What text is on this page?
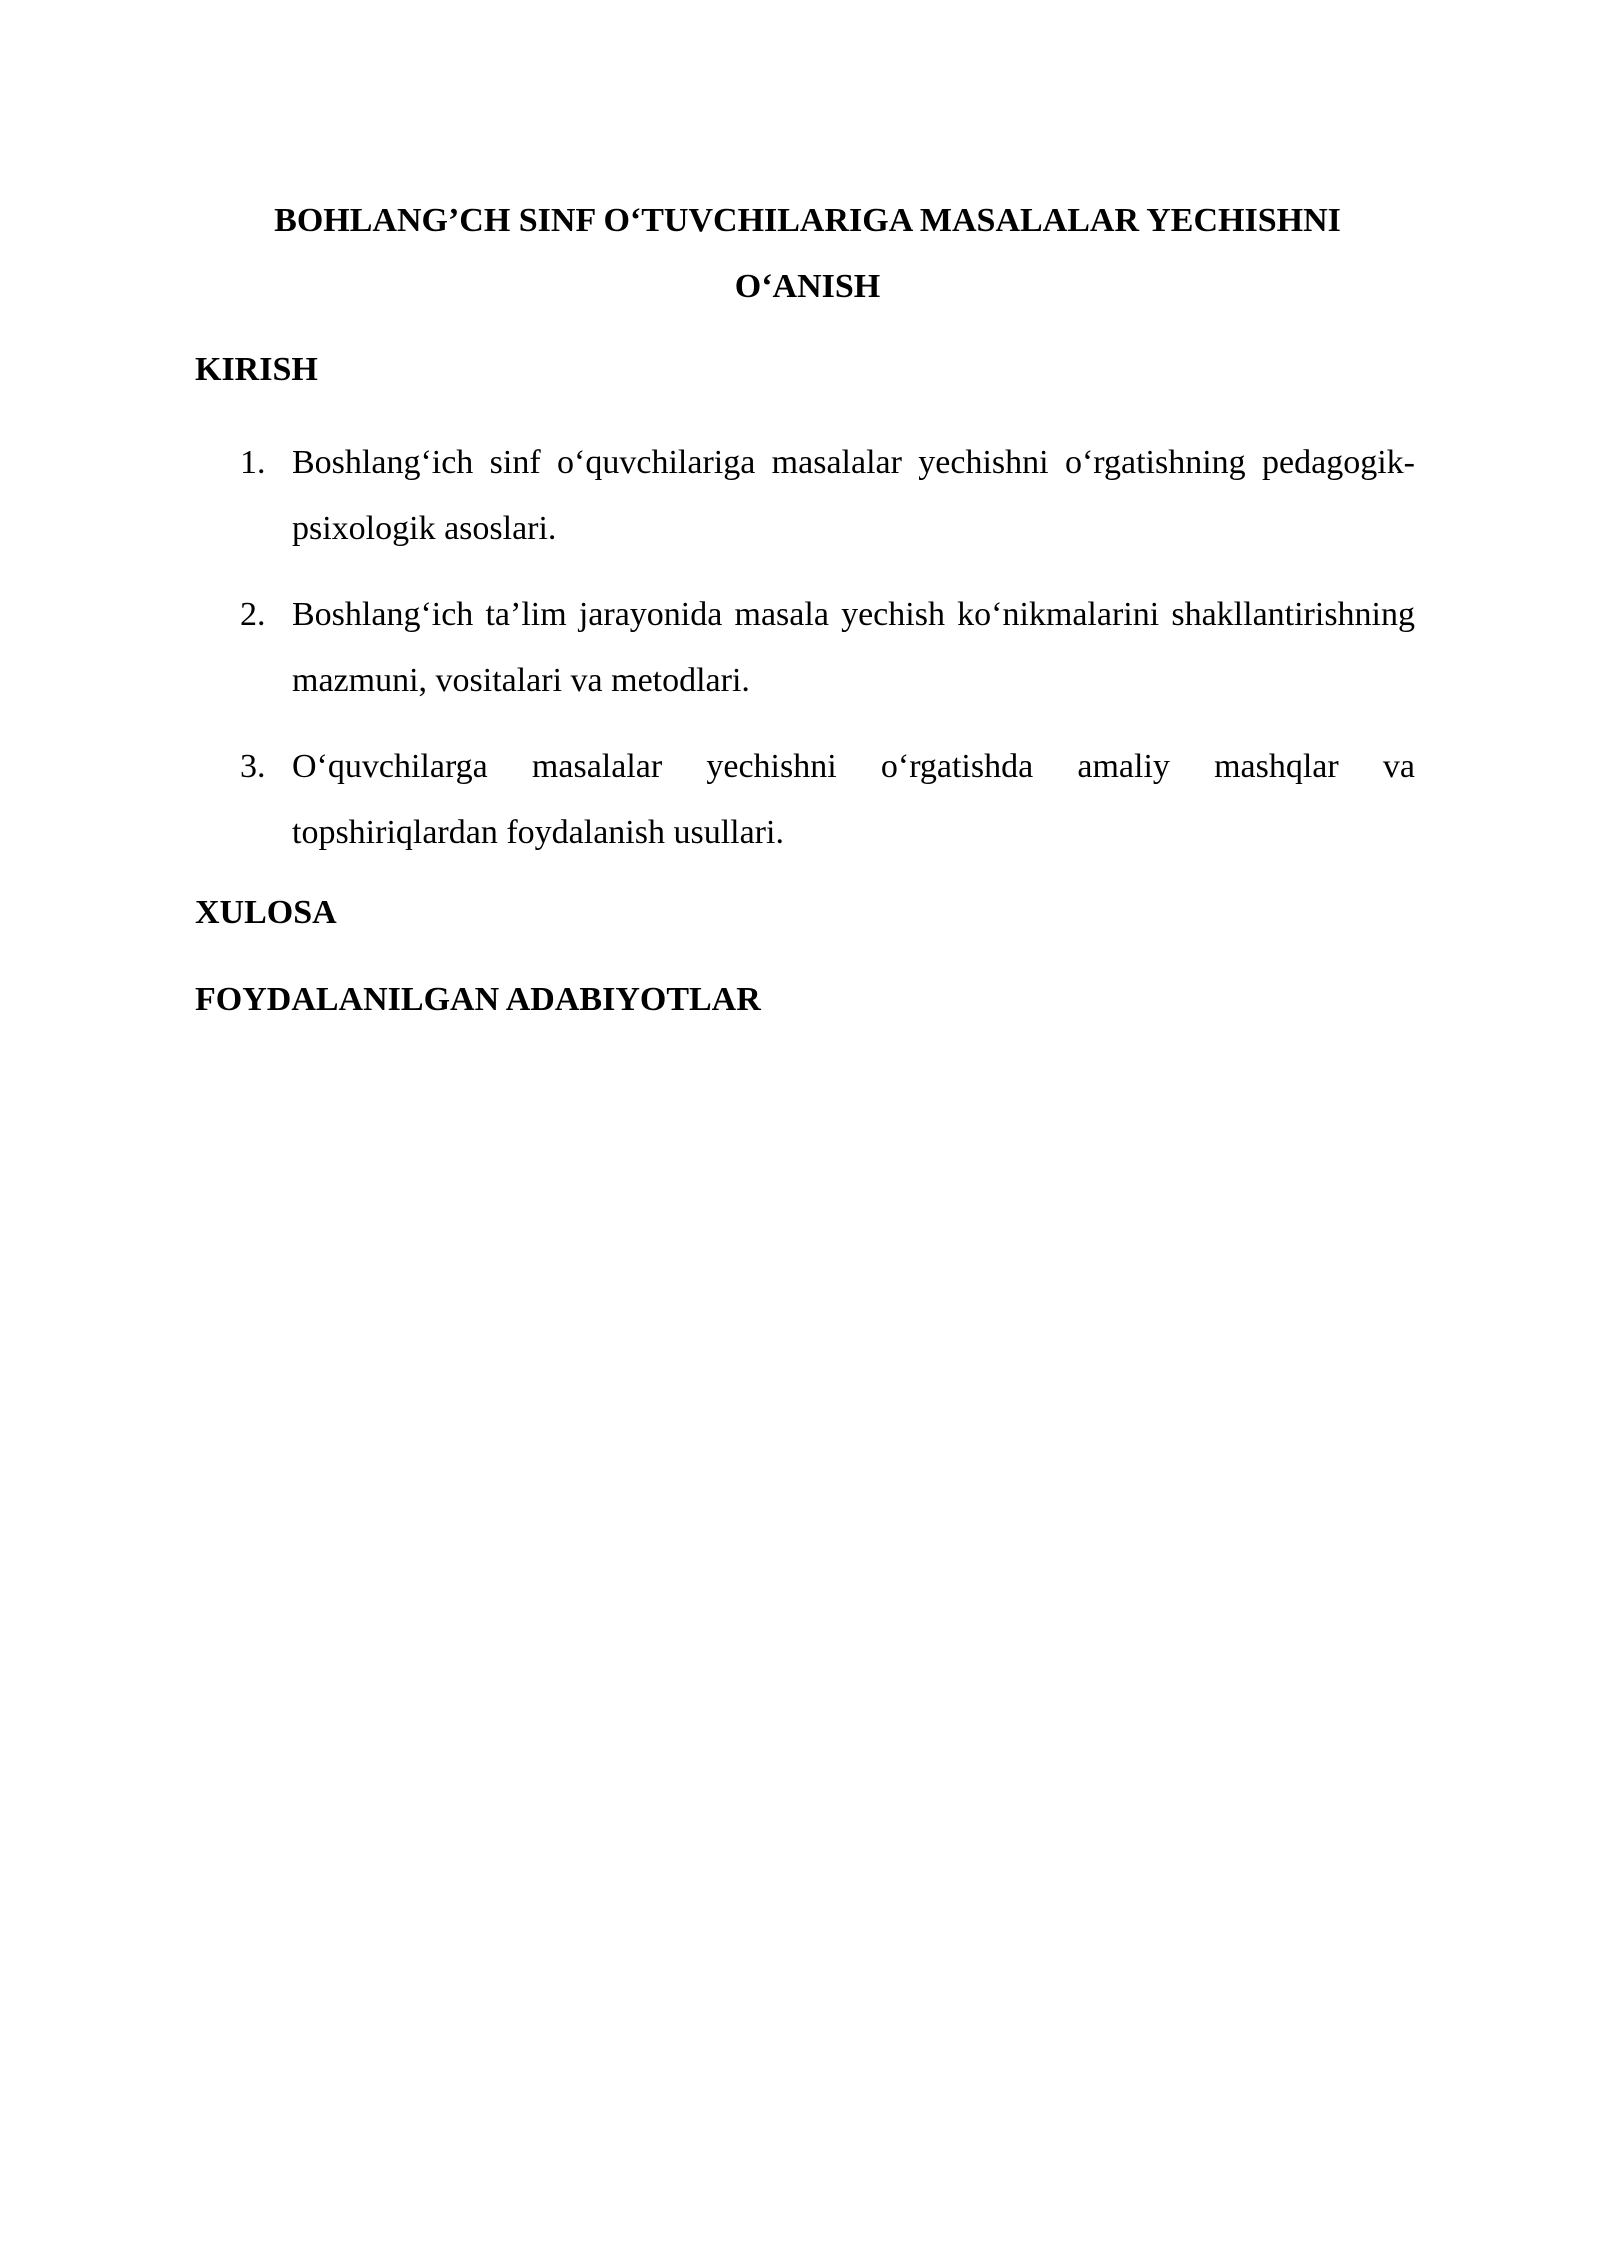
BOHLANG’CH SINF O‘TUVCHILARIGA MASALALAR YECHISHNI
O‘ANISH
KIRISH
1. Boshlang‘ich sinf o‘quvchilariga masalalar yechishni o‘rgatishning pedagogik-psixologik asoslari.
2. Boshlang‘ich ta’lim jarayonida masala yechish ko‘nikmalarini shakllantirishning mazmuni, vositalari va metodlari.
3. O‘quvchilarga masalalar yechishni o‘rgatishda amaliy mashqlar va topshiriqlardan foydalanish usullari.
XULOSA
FOYDALANILGAN ADABIYOTLAR
